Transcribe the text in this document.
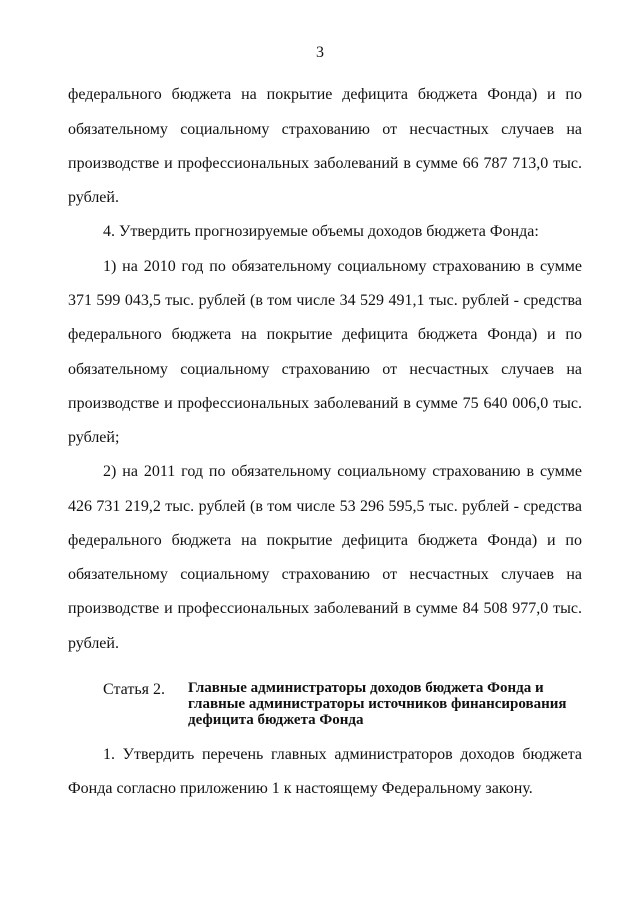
3
федерального бюджета на покрытие дефицита бюджета Фонда) и по
обязательному социальному страхованию от несчастных случаев на
производстве и профессиональных заболеваний в сумме 66 787 713,0 тыс.
рублей.
4. Утвердить прогнозируемые объемы доходов бюджета Фонда:
1) на 2010 год по обязательному социальному страхованию в сумме
371 599 043,5 тыс. рублей (в том числе 34 529 491,1 тыс. рублей - средства
федерального бюджета на покрытие дефицита бюджета Фонда) и по
обязательному социальному страхованию от несчастных случаев на
производстве и профессиональных заболеваний в сумме 75 640 006,0 тыс.
рублей;
2) на 2011 год по обязательному социальному страхованию в сумме
426 731 219,2 тыс. рублей (в том числе 53 296 595,5 тыс. рублей - средства
федерального бюджета на покрытие дефицита бюджета Фонда) и по
обязательному социальному страхованию от несчастных случаев на
производстве и профессиональных заболеваний в сумме 84 508 977,0 тыс.
рублей.
Статья 2. Главные администраторы доходов бюджета Фонда и
главные администраторы источников финансирования
дефицита бюджета Фонда
1. Утвердить перечень главных администраторов доходов бюджета
Фонда согласно приложению 1 к настоящему Федеральному закону.
